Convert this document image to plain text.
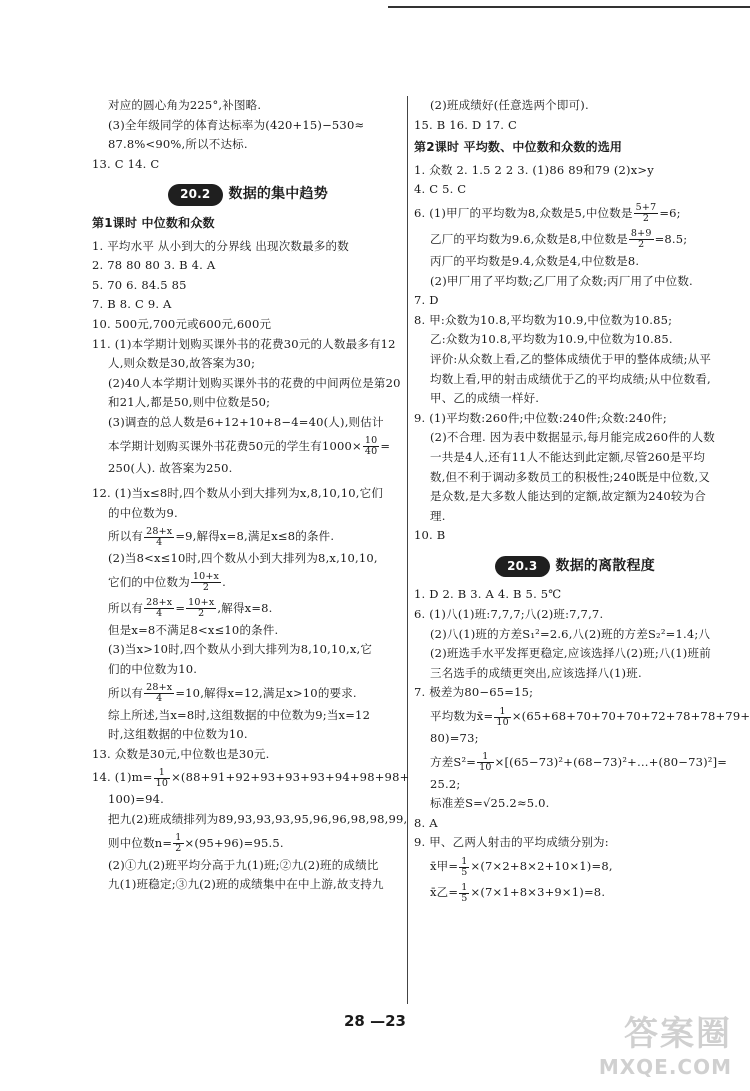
对应的圆心角为225°,补图略.
(3)全年级同学的体育达标率为(420+15)−530≈
87.8%<90%,所以不达标.
13. C 14. C
20.2	数据的集中趋势
第1课时 中位数和众数
1. 平均水平 从小到大的分界线 出现次数最多的数
2. 78 80 80 3. B 4. A
5. 70 6. 84.5 85
7. B 8. C 9. A
10. 500元,700元或600元,600元
11. (1)本学期计划购买课外书的花费30元的人数最多有12
人,则众数是30,故答案为30;
(2)40人本学期计划购买课外书的花费的中间两位是第20
和21人,都是50,则中位数是50;
(3)调查的总人数是6+12+10+8−4=40(人),则估计
本学期计划购买课外书花费50元的学生有$1000\times \frac{10}{40}$ =
250(人). 故答案为250.
12. (1)当x≤8时,四个数从小到大排列为x,8,10,10,它们
的中位数为9.
所以有 $\frac{28+x}{4} =9$,解得x=8,满足x≤8的条件.
(2)当8<x≤10时,四个数从小到大排列为8,x,10,10,
它们的中位数为 $\frac{10+x}{2}$ .
所以有 $\frac{28+x}{4} = \frac{10+x}{2}$ ,解得x=8.
但是x=8不满足8<x≤10的条件.
(3)当x>10时,四个数从小到大排列为8,10,10,x,它
们的中位数为10.
所以有 $\frac{28+x}{4} =10$,解得x=12,满足x>10的要求.
综上所述,当x=8时,这组数据的中位数为9;当x=12
时,这组数据的中位数为10.
13. 众数是30元,中位数也是30元.
14. $(1)m= \frac{1}{10} \times(88+91+92+93+93+93+94+98+98+$
100)=94.
把九(2)班成绩排列为89,93,93,93,95,96,96,98,98,99,
则中位数$n= \frac{1}{2} \times(95+96)=95.5$.
(2)①九(2)班平均分高于九(1)班;②九(2)班的成绩比
九(1)班稳定;③九(2)班的成绩集中在中上游,故支持九
(2)班成绩好(任意选两个即可).
15. B 16. D 17. C
第2课时 平均数、中位数和众数的选用
1. 众数 2. 1.5 2 2 3. (1)86 89和79 (2)x>y
4. C 5. C
6. (1)甲厂的平均数为8,众数是5,中位数是 $\frac{5+7}{2} =6$;
乙厂的平均数为9.6,众数是8,中位数是 $\frac{8+9}{2} =8.5$;
丙厂的平均数是9.4,众数是4,中位数是8.
(2)甲厂用了平均数;乙厂用了众数;丙厂用了中位数.
7. D
8. 甲:众数为10.8,平均数为10.9,中位数为10.85;
乙:众数为10.8,平均数为10.9,中位数为10.85.
评价:从众数上看,乙的整体成绩优于甲的整体成绩;从平
均数上看,甲的射击成绩优于乙的平均成绩;从中位数看,
甲、乙的成绩一样好.
9. (1)平均数:260件;中位数:240件;众数:240件;
(2)不合理. 因为表中数据显示,每月能完成260件的人数
一共是4人,还有11人不能达到此定额,尽管260是平均
数,但不利于调动多数员工的积极性;240既是中位数,又
是众数,是大多数人能达到的定额,故定额为240较为合
理.
10. B
20.3	数据的离散程度
1. D 2. B 3. A 4. B 5. 5℃
6. (1)八(1)班:7,7,7;八(2)班:7,7,7.
(2)八(1)班的方差S₁²=2.6,八(2)班的方差S₂²=1.4;八
(2)班选手水平发挥更稳定,应该选择八(2)班;八(1)班前
三名选手的成绩更突出,应该选择八(1)班.
7. 极差为80−65=15;
平均数为x̄= $\frac{1}{10} \times(65+68+70+70+70+72+78+78+79+$
80)=73;
方差$S^2= \frac{1}{10}$ ×[(65−73)²+(68−73)²+…+(80−73)²]=
25.2;
标准差S=√25.2≈5.0.
8. A
9. 甲、乙两人射击的平均成绩分别为:
x̄甲= $\frac{1}{5} \times(7\times 2+8\times 2+10\times 1)=8$,
x̄乙= $\frac{1}{5} \times(7\times 1+8\times 3+9\times 1)=8$.
28 —23	答案圈
MXQE.COM
